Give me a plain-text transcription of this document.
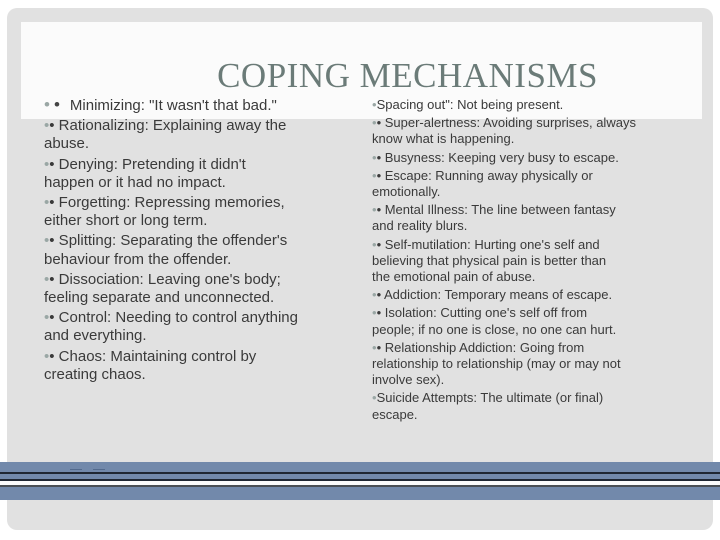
COPING MECHANISMS
• • Minimizing: "It wasn't that bad."
•• Rationalizing: Explaining away the
abuse.
•• Denying: Pretending it didn't
happen or it had no impact.
•• Forgetting: Repressing memories,
either short or long term.
•• Splitting: Separating the offender's
behaviour from the offender.
•• Dissociation: Leaving one's body;
feeling separate and unconnected.
•• Control: Needing to control anything
and everything.
•• Chaos: Maintaining control by
creating chaos.
•Spacing out": Not being present.
•• Super-alertness: Avoiding surprises, always
know what is happening.
•• Busyness: Keeping very busy to escape.
•• Escape: Running away physically or
emotionally.
•• Mental Illness: The line between fantasy
and reality blurs.
•• Self-mutilation: Hurting one's self and
believing that physical pain is better than
the emotional pain of abuse.
•• Addiction: Temporary means of escape.
•• Isolation: Cutting one's self off from
people; if no one is close, no one can hurt.
•• Relationship Addiction: Going from
relationship to relationship (may or may not
involve sex).
•Suicide Attempts: The ultimate (or final)
escape.
